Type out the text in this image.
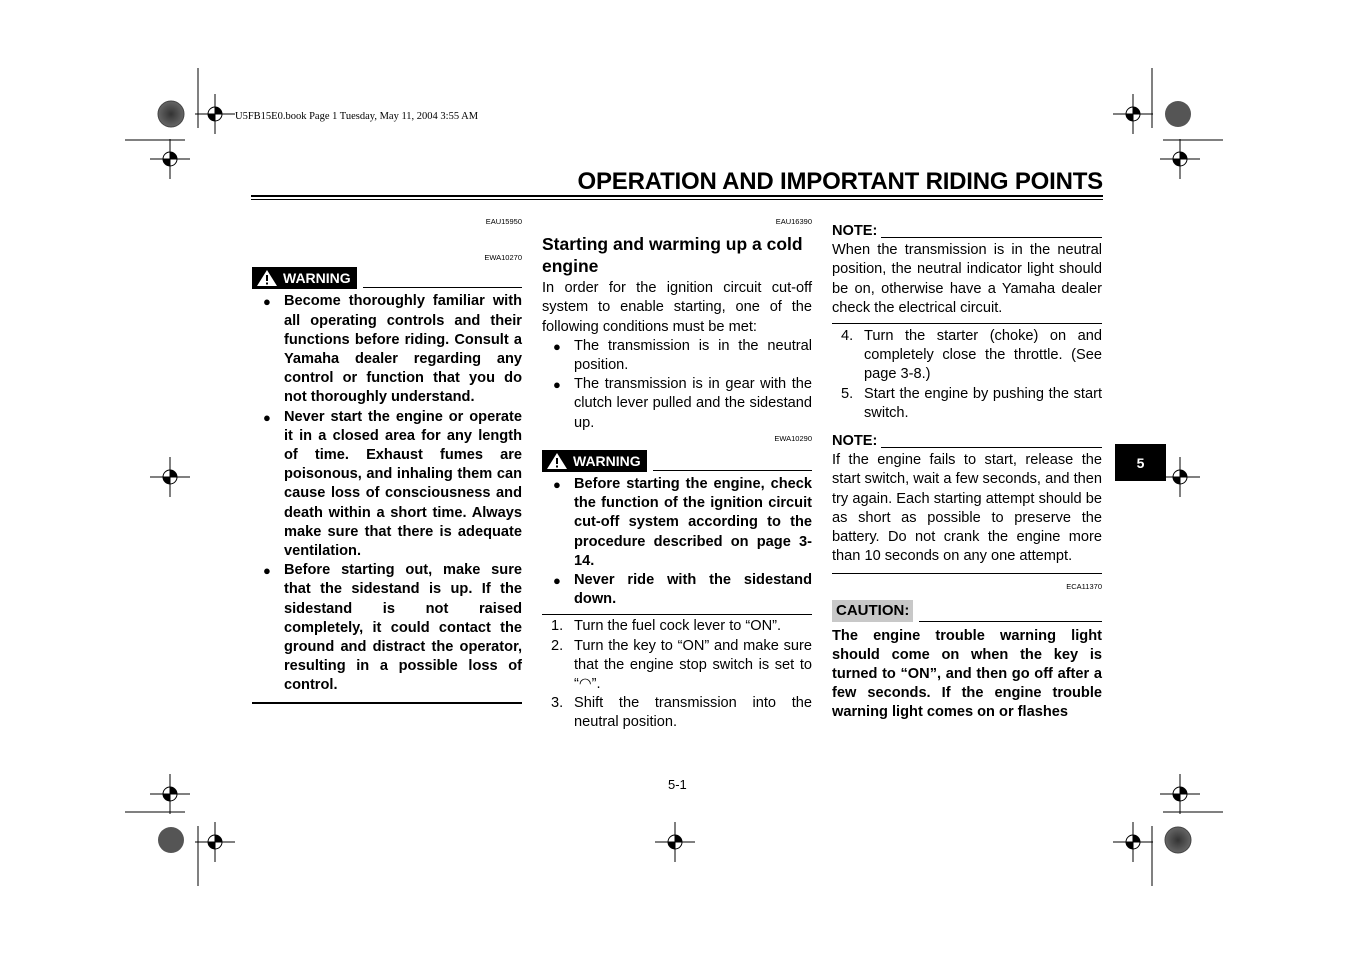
U5FB15E0.book Page 1 Tuesday, May 11, 2004 3:55 AM
OPERATION AND IMPORTANT RIDING POINTS
EAU15950
EWA10270
WARNING
● Become thoroughly familiar with all operating controls and their functions before riding. Consult a Yamaha dealer regarding any control or function that you do not thoroughly understand.
● Never start the engine or operate it in a closed area for any length of time. Exhaust fumes are poisonous, and inhaling them can cause loss of consciousness and death within a short time. Always make sure that there is adequate ventilation.
● Before starting out, make sure that the sidestand is up. If the sidestand is not raised completely, it could contact the ground and distract the operator, resulting in a possible loss of control.
EAU16390
Starting and warming up a cold engine

In order for the ignition circuit cut-off system to enable starting, one of the following conditions must be met:

● The transmission is in the neutral position.
● The transmission is in gear with the clutch lever pulled and the sidestand up.
EWA10290
WARNING
● Before starting the engine, check the function of the ignition circuit cut-off system according to the procedure described on page 3-14.
● Never ride with the sidestand down.
1. Turn the fuel cock lever to “ON”.
2. Turn the key to “ON” and make sure that the engine stop switch is set to “◠”.
3. Shift the transmission into the neutral position.
NOTE:

When the transmission is in the neutral position, the neutral indicator light should be on, otherwise have a Yamaha dealer check the electrical circuit.

4. Turn the starter (choke) on and completely close the throttle. (See page 3-8.)
5. Start the engine by pushing the start switch.
NOTE:

If the engine fails to start, release the start switch, wait a few seconds, and then try again. Each starting attempt should be as short as possible to preserve the battery. Do not crank the engine more than 10 seconds on any one attempt.

ECA11370
CAUTION:

The engine trouble warning light should come on when the key is turned to “ON”, and then go off after a few seconds. If the engine trouble warning light comes on or flashes

5
5-1
